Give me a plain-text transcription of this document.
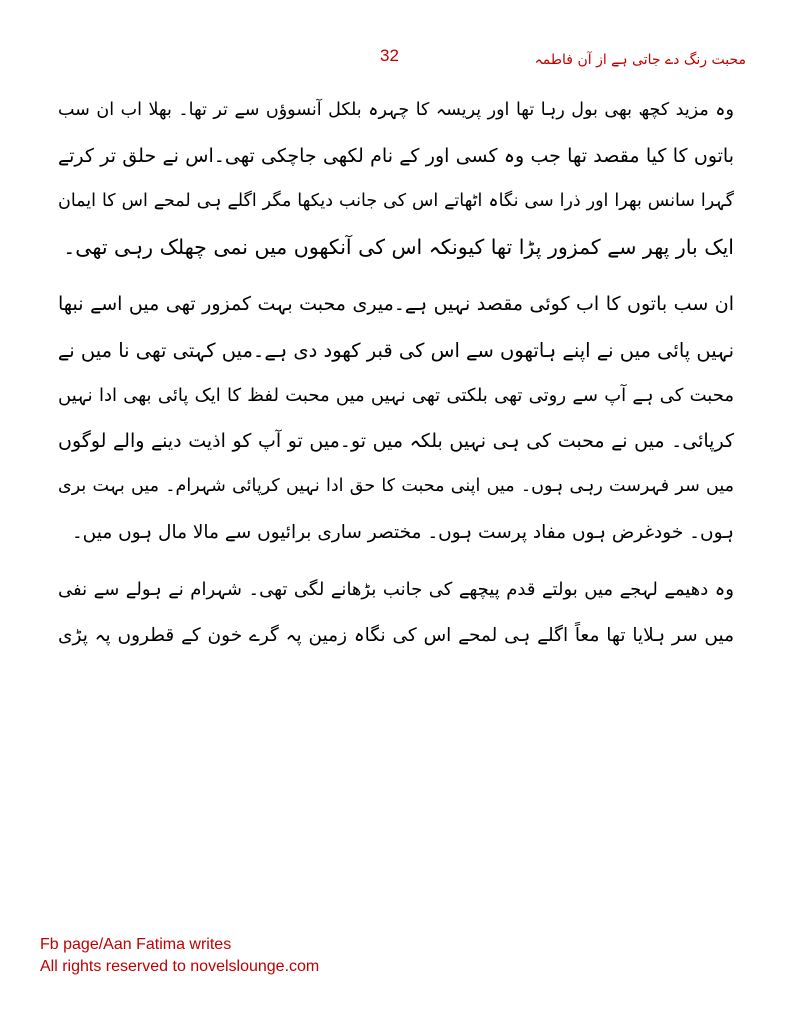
32	محبت رنگ دے جاتی ہے از آن فاطمہ
وہ مزید کچھ بھی بول رہا تھا اور پریسہ کا چہرہ بلکل آنسوؤں سے تر تھا۔ بھلا اب ان سب
باتوں کا کیا مقصد تھا جب وہ کسی اور کے نام لکھی جاچکی تھی۔اس نے حلق تر کرتے
گہرا سانس بھرا اور ذرا سی نگاہ اٹھاتے اس کی جانب دیکھا مگر اگلے ہی لمحے اس کا ایمان
ایک بار پھر سے کمزور پڑا تھا کیونکہ اس کی آنکھوں میں نمی چھلک رہی تھی۔
ان سب باتوں کا اب کوئی مقصد نہیں ہے۔میری محبت بہت کمزور تھی میں اسے نبھا
نہیں پائی میں نے اپنے ہاتھوں سے اس کی قبر کھود دی ہے۔میں کہتی تھی نا میں نے
محبت کی ہے آپ سے روتی تھی بلکتی تھی نہیں میں محبت لفظ کا ایک پائی بھی ادا نہیں
کرپائی۔ میں نے محبت کی ہی نہیں بلکہ میں تو۔میں تو آپ کو اذیت دینے والے لوگوں
میں سر فہرست رہی ہوں۔ میں اپنی محبت کا حق ادا نہیں کرپائی شہرام۔ میں بہت بری
ہوں۔ خودغرض ہوں مفاد پرست ہوں۔ مختصر ساری برائیوں سے مالا مال ہوں میں۔
وہ دھیمے لہجے میں بولتے قدم پیچھے کی جانب بڑھانے لگی تھی۔ شہرام نے ہولے سے نفی
میں سر ہلایا تھا معاً اگلے ہی لمحے اس کی نگاہ زمین پہ گرے خون کے قطروں پہ پڑی
Fb page/Aan Fatima writes
All rights reserved to novelslounge.com
